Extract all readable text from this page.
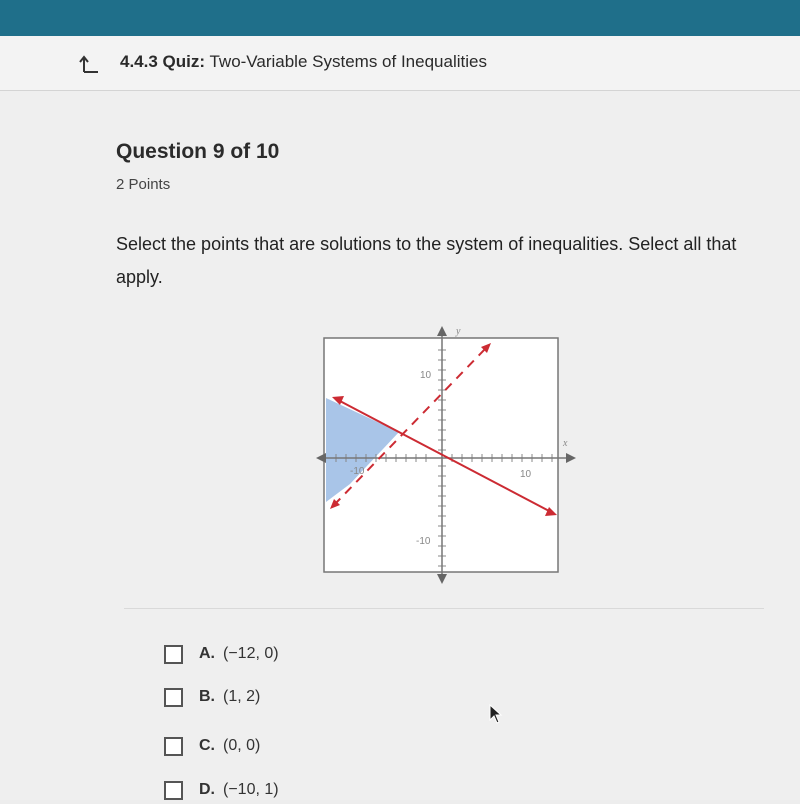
4.4.3 Quiz: Two-Variable Systems of Inequalities
Question 9 of 10
2 Points
Select the points that are solutions to the system of inequalities. Select all that apply.
y
x
10
-10
-10	10
A. (−12, 0)
B. (1, 2)
C. (0, 0)
D. (−10, 1)
